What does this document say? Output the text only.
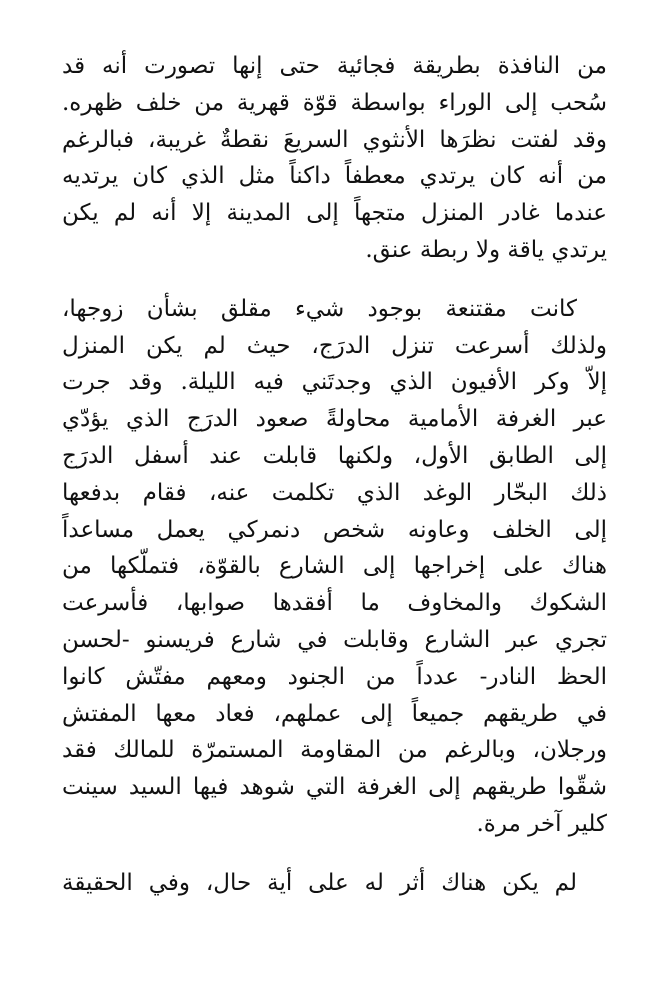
من النافذة بطريقة فجائية حتى إنها تصورت أنه قد
سُحب إلى الوراء بواسطة قوّة قهرية من خلف ظهره.
وقد لفتت نظرَها الأنثوي السريعَ نقطةٌ غريبة، فبالرغم
من أنه كان يرتدي معطفاً داكناً مثل الذي كان يرتديه
عندما غادر المنزل متجهاً إلى المدينة إلا أنه لم يكن
يرتدي ياقة ولا ربطة عنق.

كانت مقتنعة بوجود شيء مقلق بشأن زوجها،
ولذلك أسرعت تنزل الدرَج، حيث لم يكن المنزل
إلاّ وكر الأفيون الذي وجدتَني فيه الليلة. وقد جرت
عبر الغرفة الأمامية محاولةً صعود الدرَج الذي يؤدّي
إلى الطابق الأول، ولكنها قابلت عند أسفل الدرَج
ذلك البحّار الوغد الذي تكلمت عنه، فقام بدفعها
إلى الخلف وعاونه شخص دنمركي يعمل مساعداً
هناك على إخراجها إلى الشارع بالقوّة، فتملّكها من
الشكوك والمخاوف ما أفقدها صوابها، فأسرعت
تجري عبر الشارع وقابلت في شارع فريسنو -لحسن
الحظ النادر- عدداً من الجنود ومعهم مفتّش كانوا
في طريقهم جميعاً إلى عملهم، فعاد معها المفتش
ورجلان، وبالرغم من المقاومة المستمرّة للمالك فقد
شقّوا طريقهم إلى الغرفة التي شوهد فيها السيد سينت
كلير آخر مرة.

لم يكن هناك أثر له على أية حال، وفي الحقيقة
